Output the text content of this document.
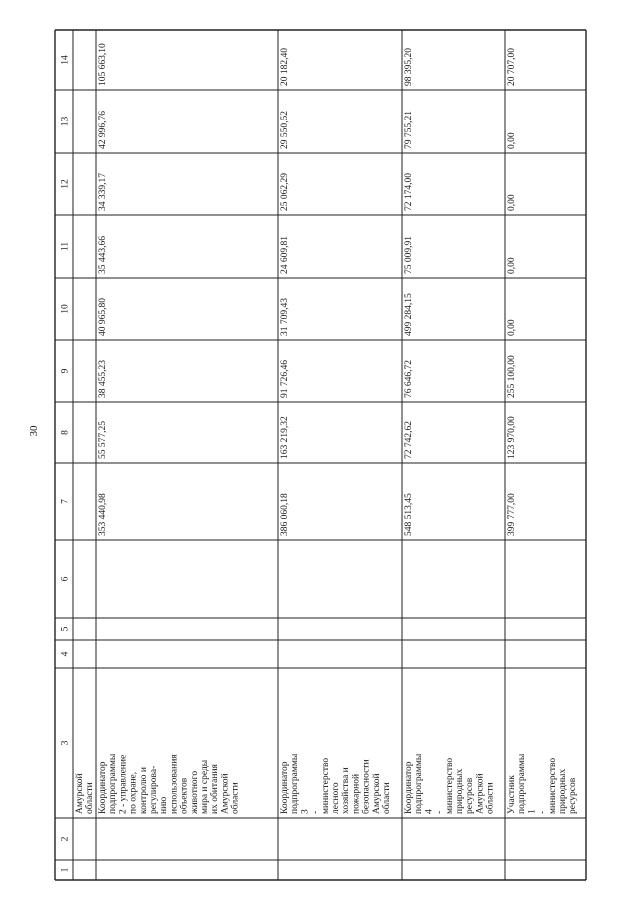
30
1
2
3
4
5
6
7
8
9
10
11
12
13
14
Амурской области Координатор подпрограммы 2 - управление по охране, контролю и регулирова- нию использования объектов животного мира и среды их обитания Амурской области
353 440,98
55 577,25
38 455,23
40 965,80
35 443,66
34 339,17
42 996,76
105 663,10
Координатор подпрограммы 3 - министерство лесного хозяйства и пожарной безопасности Амурской области
386 060,18
163 219,32
91 726,46
31 709,43
24 609,81
25 062,29
29 550,52
20 182,40
Координатор подпрограммы 4 - министерство природных ресурсов Амурской области
548 513,45
72 742,62
76 646,72
499 284,15
75 009,91
72 174,00
79 755,21
98 395,20
Участник подпрограммы 1 - министерство природных ресурсов
399 777,00
123 970,00
255 100,00
0,00
0,00
0,00
0,00
20 707,00
